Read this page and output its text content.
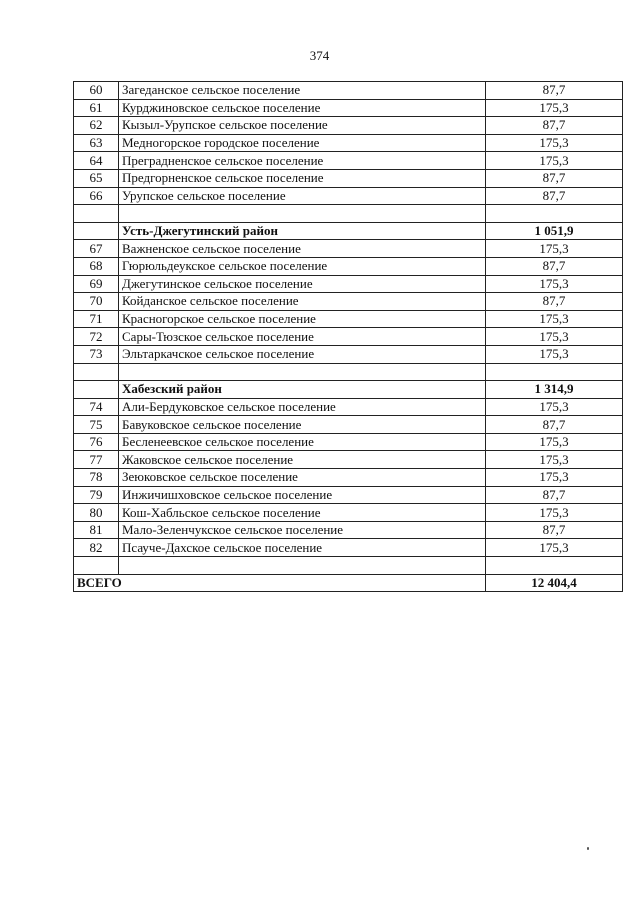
374
60	Загеданское сельское поселение	87,7
61	Курджиновское сельское поселение	175,3
62	Кызыл-Урупское сельское поселение	87,7
63	Медногорское городское поселение	175,3
64	Преградненское сельское поселение	175,3
65	Предгорненское сельское поселение	87,7
66	Урупское сельское поселение	87,7

	Усть-Джегутинский район	1 051,9
67	Важненское сельское поселение	175,3
68	Гюрюльдеукское сельское поселение	87,7
69	Джегутинское сельское поселение	175,3
70	Койданское сельское поселение	87,7
71	Красногорское сельское поселение	175,3
72	Сары-Тюзское сельское поселение	175,3
73	Эльтаркачское сельское поселение	175,3

	Хабезский район	1 314,9
74	Али-Бердуковское сельское поселение	175,3
75	Бавуковское сельское поселение	87,7
76	Бесленеевское сельское поселение	175,3
77	Жаковское сельское поселение	175,3
78	Зеюковское сельское поселение	175,3
79	Инжичишховское сельское поселение	87,7
80	Кош-Хабльское сельское поселение	175,3
81	Мало-Зеленчукское сельское поселение	87,7
82	Псауче-Дахское сельское поселение	175,3

ВСЕГО		12 404,4
